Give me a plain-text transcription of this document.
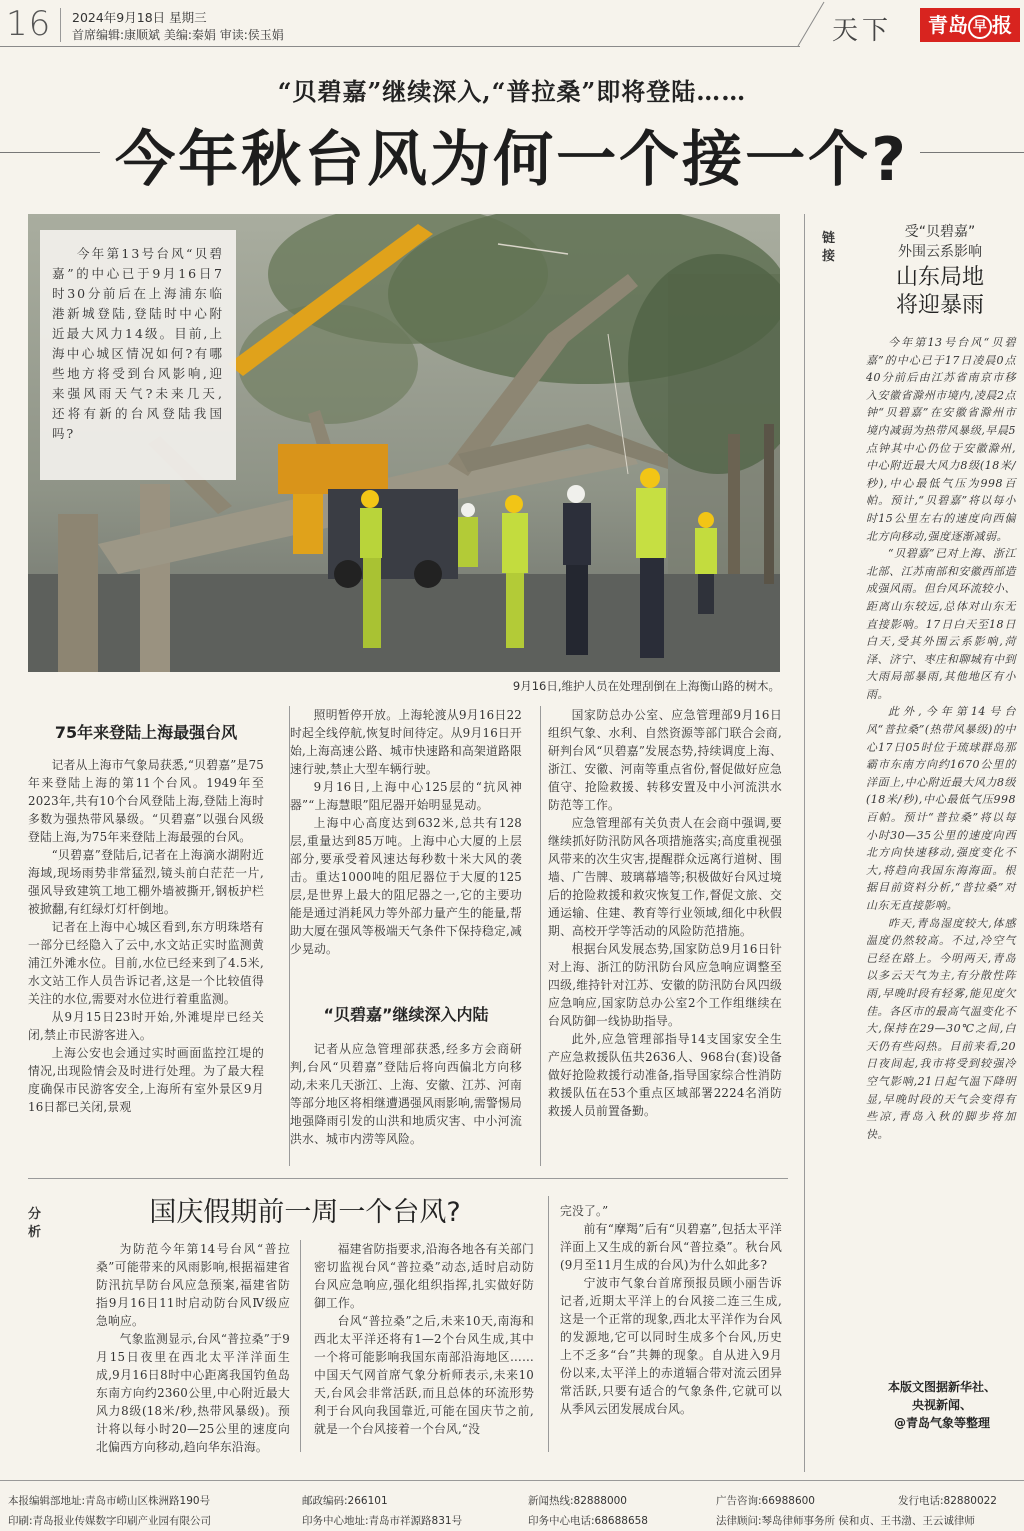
16 2024年9月18日 星期三
首席编辑:康顺斌 美编:秦娟 审读:侯玉娟	天下	青岛 早 报
“贝碧嘉”继续深入,“普拉桑”即将登陆……
今年秋台风为何一个接一个?

今年第13号台风“贝碧嘉”的中心已于9月16日7时30分前后在上海浦东临港新城登陆,登陆时中心附近最大风力14级。目前,上海中心城区情况如何?有哪些地方将受到台风影响,迎来强风雨天气?未来几天,还将有新的台风登陆我国吗?

9月16日,维护人员在处理刮倒在上海衡山路的树木。
75年来登陆上海最强台风

记者从上海市气象局获悉,“贝碧嘉”是75年来登陆上海的第11个台风。1949年至2023年,共有10个台风登陆上海,登陆上海时多数为强热带风暴级。“贝碧嘉”以强台风级登陆上海,为75年来登陆上海最强的台风。

“贝碧嘉”登陆后,记者在上海滴水湖附近海域,现场雨势非常猛烈,镜头前白茫茫一片,强风导致建筑工地工棚外墙被撕开,钢板护栏被掀翻,有红绿灯灯杆倒地。

记者在上海中心城区看到,东方明珠塔有一部分已经隐入了云中,水文站正实时监测黄浦江外滩水位。目前,水位已经来到了4.5米,水文站工作人员告诉记者,这是一个比较值得关注的水位,需要对水位进行着重监测。

从9月15日23时开始,外滩堤岸已经关闭,禁止市民游客进入。

上海公安也会通过实时画面监控江堤的情况,出现险情会及时进行处理。为了最大程度确保市民游客安全,上海所有室外景区9月16日都已关闭,景观

照明暂停开放。上海轮渡从9月16日22时起全线停航,恢复时间待定。从9月16日开始,上海高速公路、城市快速路和高架道路限速行驶,禁止大型车辆行驶。

9月16日,上海中心125层的“抗风神器”“上海慧眼”阻尼器开始明显晃动。

上海中心高度达到632米,总共有128层,重量达到85万吨。上海中心大厦的上层部分,要承受着风速达每秒数十米大风的袭击。重达1000吨的阻尼器位于大厦的125层,是世界上最大的阻尼器之一,它的主要功能是通过消耗风力等外部力量产生的能量,帮助大厦在强风等极端天气条件下保持稳定,减少晃动。

“贝碧嘉”继续深入内陆

记者从应急管理部获悉,经多方会商研判,台风“贝碧嘉”登陆后将向西偏北方向移动,未来几天浙江、上海、安徽、江苏、河南等部分地区将相继遭遇强风雨影响,需警惕局地强降雨引发的山洪和地质灾害、中小河流洪水、城市内涝等风险。

国家防总办公室、应急管理部9月16日组织气象、水利、自然资源等部门联合会商,研判台风“贝碧嘉”发展态势,持续调度上海、浙江、安徽、河南等重点省份,督促做好应急值守、抢险救援、转移安置及中小河流洪水防范等工作。

应急管理部有关负责人在会商中强调,要继续抓好防汛防风各项措施落实;高度重视强风带来的次生灾害,提醒群众远离行道树、围墙、广告牌、玻璃幕墙等;积极做好台风过境后的抢险救援和救灾恢复工作,督促文旅、交通运输、住建、教育等行业领域,细化中秋假期、高校开学等活动的风险防范措施。

根据台风发展态势,国家防总9月16日针对上海、浙江的防汛防台风应急响应调整至四级,维持针对江苏、安徽的防汛防台风四级应急响应,国家防总办公室2个工作组继续在台风防御一线协助指导。

此外,应急管理部指导14支国家安全生产应急救援队伍共2636人、968台(套)设备做好抢险救援行动准备,指导国家综合性消防救援队伍在53个重点区域部署2224名消防救援人员前置备勤。

分析
国庆假期前一周一个台风?

为防范今年第14号台风“普拉桑”可能带来的风雨影响,根据福建省防汛抗旱防台风应急预案,福建省防指9月16日11时启动防台风Ⅳ级应急响应。

气象监测显示,台风“普拉桑”于9月15日夜里在西北太平洋洋面生成,9月16日8时中心距离我国钓鱼岛东南方向约2360公里,中心附近最大风力8级(18米/秒,热带风暴级)。预计将以每小时20—25公里的速度向北偏西方向移动,趋向华东沿海。

福建省防指要求,沿海各地各有关部门密切监视台风“普拉桑”动态,适时启动防台风应急响应,强化组织指挥,扎实做好防御工作。

台风“普拉桑”之后,未来10天,南海和西北太平洋还将有1—2个台风生成,其中一个将可能影响我国东南部沿海地区……中国天气网首席气象分析师表示,未来10天,台风会非常活跃,而且总体的环流形势利于台风向我国靠近,可能在国庆节之前,就是一个台风接着一个台风,“没

完没了。”

前有“摩羯”后有“贝碧嘉”,包括太平洋洋面上又生成的新台风“普拉桑”。秋台风(9月至11月生成的台风)为什么如此多?

宁波市气象台首席预报员顾小丽告诉记者,近期太平洋上的台风接二连三生成,这是一个正常的现象,西北太平洋作为台风的发源地,它可以同时生成多个台风,历史上不乏多“台”共舞的现象。自从进入9月份以来,太平洋上的赤道辐合带对流云团异常活跃,只要有适合的气象条件,它就可以从季风云团发展成台风。

链接
受“贝碧嘉”
外围云系影响
山东局地
将迎暴雨

今年第13号台风“贝碧嘉”的中心已于17日凌晨0点40分前后由江苏省南京市移入安徽省滁州市境内,凌晨2点钟“贝碧嘉”在安徽省滁州市境内减弱为热带风暴级,早晨5点钟其中心仍位于安徽滁州,中心附近最大风力8级(18米/秒),中心最低气压为998百帕。预计,“贝碧嘉”将以每小时15公里左右的速度向西偏北方向移动,强度逐渐减弱。

“贝碧嘉”已对上海、浙江北部、江苏南部和安徽西部造成强风雨。但台风环流较小、距离山东较远,总体对山东无直接影响。17日白天至18日白天,受其外围云系影响,菏泽、济宁、枣庄和聊城有中到大雨局部暴雨,其他地区有小雨。

此外,今年第14号台风“普拉桑”(热带风暴级)的中心17日05时位于琉球群岛那霸市东南方向约1670公里的洋面上,中心附近最大风力8级(18米/秒),中心最低气压998百帕。预计“普拉桑”将以每小时30—35公里的速度向西北方向快速移动,强度变化不大,将趋向我国东海海面。根据目前资料分析,“普拉桑”对山东无直接影响。

昨天,青岛湿度较大,体感温度仍然较高。不过,冷空气已经在路上。今明两天,青岛以多云天气为主,有分散性阵雨,早晚时段有轻雾,能见度欠佳。各区市的最高气温变化不大,保持在29—30℃之间,白天仍有些闷热。目前来看,20日夜间起,我市将受到较强冷空气影响,21日起气温下降明显,早晚时段的天气会变得有些凉,青岛入秋的脚步将加快。

本版文图据新华社、
央视新闻、
@青岛气象等整理
本报编辑部地址:青岛市崂山区株洲路190号	邮政编码:266101	新闻热线:82888000	广告咨询:66988600	发行电话:82880022
印刷:青岛报业传媒数字印刷产业园有限公司	印务中心地址:青岛市祥源路831号	印务中心电话:68688658	法律顾问:琴岛律师事务所 侯和贞、王书渤、王云诚律师
